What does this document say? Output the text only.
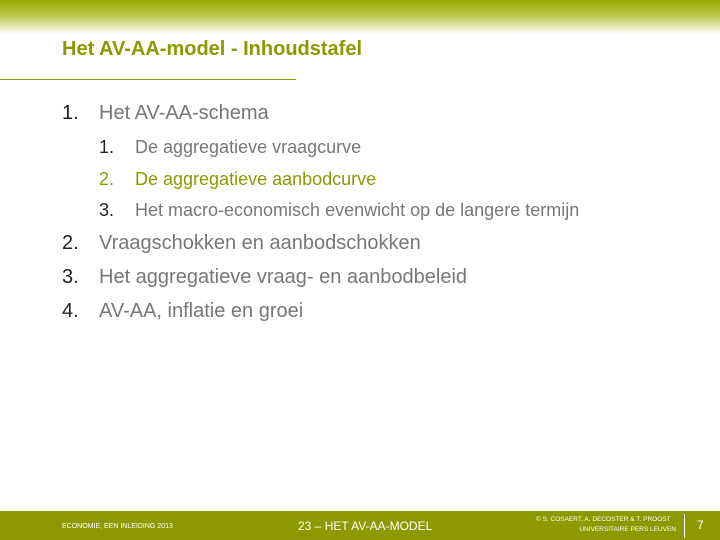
Het AV-AA-model - Inhoudstafel
1. Het AV-AA-schema
1. De aggregatieve vraagcurve
2. De aggregatieve aanbodcurve
3. Het macro-economisch evenwicht op de langere termijn
2. Vraagschokken en aanbodschokken
3. Het aggregatieve vraag- en aanbodbeleid
4. AV-AA, inflatie en groei
ECONOMIE, EEN INLEIDING 2013	23 – HET AV-AA-MODEL	© S. COSAERT, A. DECOSTER & T. PROOST
UNIVERSITAIRE PERS LEUVEN 7
